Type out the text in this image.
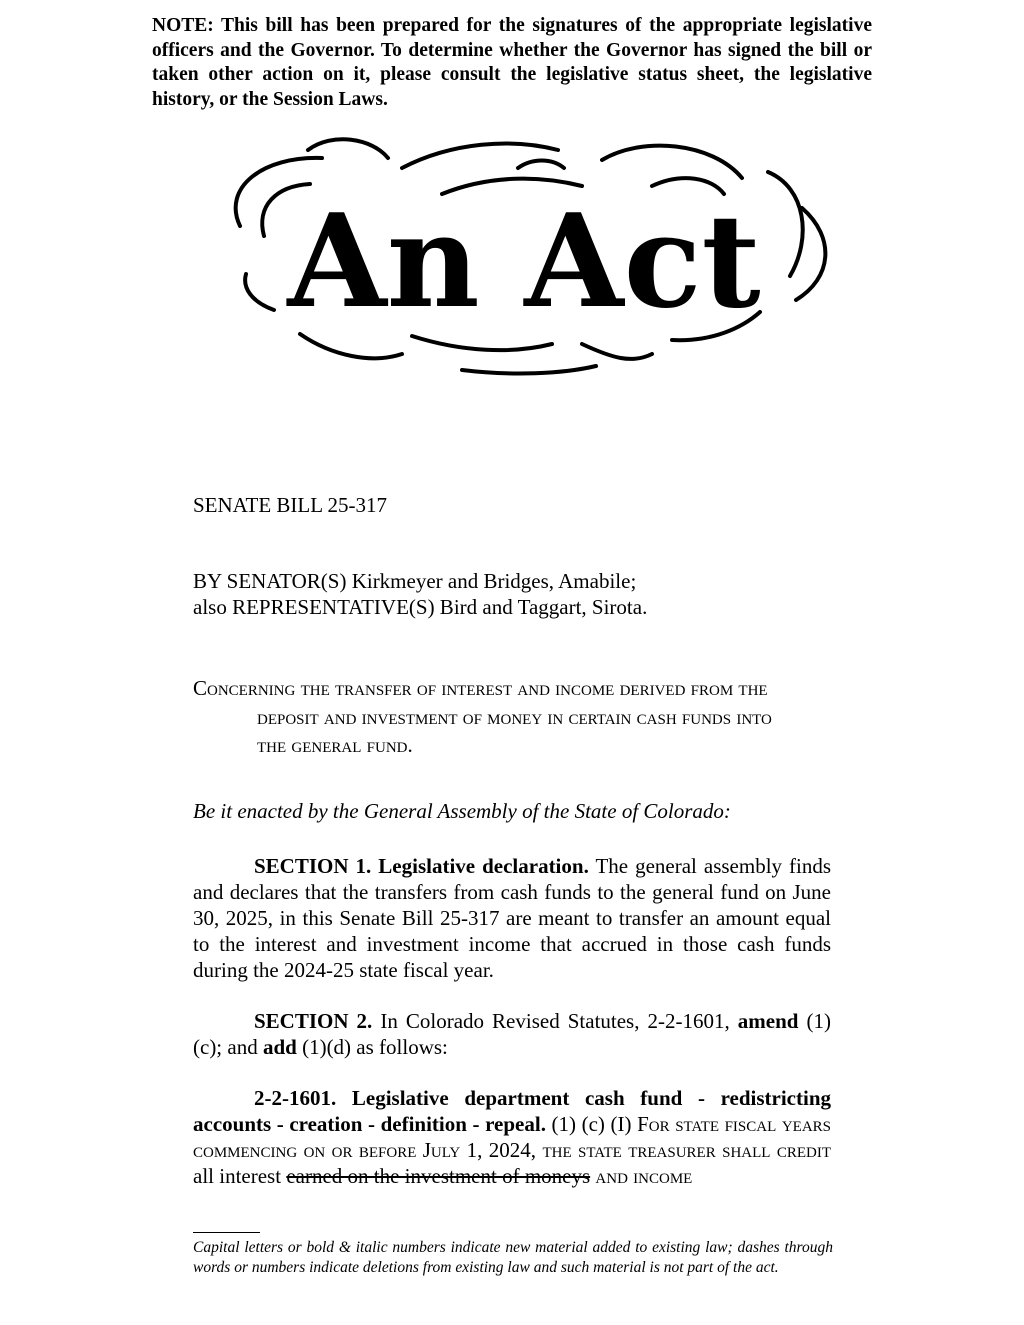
NOTE: This bill has been prepared for the signatures of the appropriate legislative officers and the Governor. To determine whether the Governor has signed the bill or taken other action on it, please consult the legislative status sheet, the legislative history, or the Session Laws.
An Act
SENATE BILL 25-317
BY SENATOR(S) Kirkmeyer and Bridges, Amabile;
also REPRESENTATIVE(S) Bird and Taggart, Sirota.
Concerning the transfer of interest and income derived from the
deposit and investment of money in certain cash funds into
the general fund.
Be it enacted by the General Assembly of the State of Colorado:
SECTION 1. Legislative declaration. The general assembly finds and declares that the transfers from cash funds to the general fund on June 30, 2025, in this Senate Bill 25-317 are meant to transfer an amount equal to the interest and investment income that accrued in those cash funds during the 2024-25 state fiscal year.
SECTION 2. In Colorado Revised Statutes, 2-2-1601, amend (1)(c); and add (1)(d) as follows:
2-2-1601. Legislative department cash fund - redistricting accounts - creation - definition - repeal. (1) (c) (I) For state fiscal years commencing on or before July 1, 2024, the state treasurer shall credit all interest earned on the investment of moneys and income
Capital letters or bold & italic numbers indicate new material added to existing law; dashes through words or numbers indicate deletions from existing law and such material is not part of the act.
